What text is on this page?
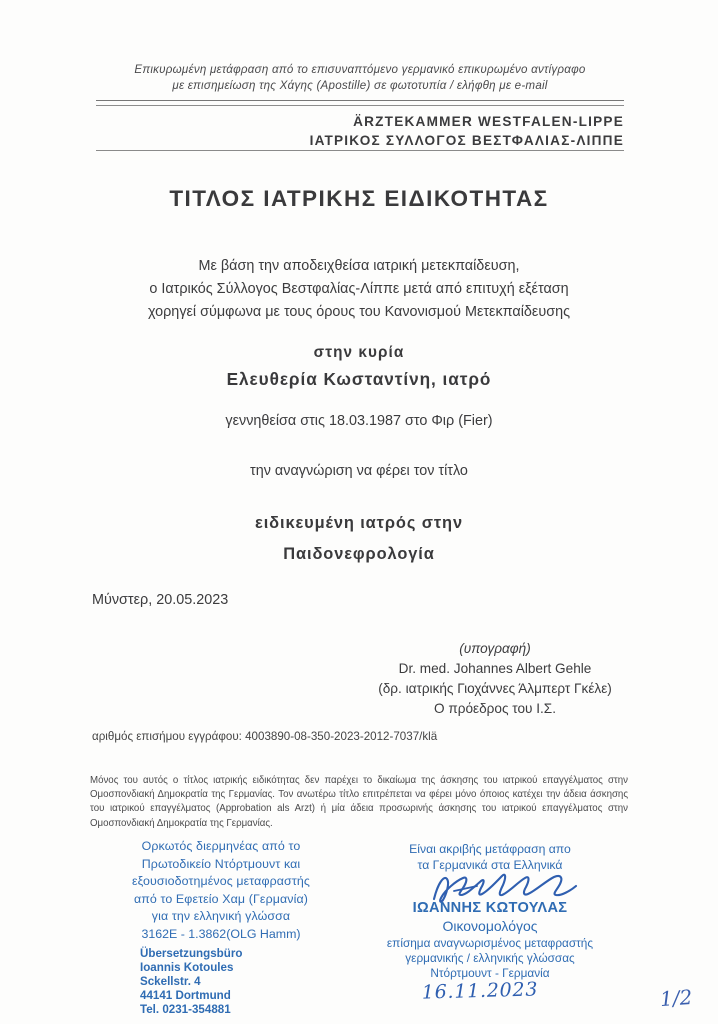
Επικυρωμένη μετάφραση από το επισυναπτόμενο γερμανικό επικυρωμένο αντίγραφο
με επισημείωση της Χάγης (Apostille) σε φωτοτυπία / ελήφθη με e-mail
ÄRZTEKAMMER WESTFALEN-LIPPE
ΙΑΤΡΙΚΟΣ ΣΥΛΛΟΓΟΣ ΒΕΣΤΦΑΛΙΑΣ-ΛΙΠΠΕ
ΤΙΤΛΟΣ ΙΑΤΡΙΚΗΣ ΕΙΔΙΚΟΤΗΤΑΣ
Με βάση την αποδειχθείσα ιατρική μετεκπαίδευση,
ο Ιατρικός Σύλλογος Βεστφαλίας-Λίππε μετά από επιτυχή εξέταση
χορηγεί σύμφωνα με τους όρους του Κανονισμού Μετεκπαίδευσης
στην κυρία
Ελευθερία Κωσταντίνη, ιατρό
γεννηθείσα στις 18.03.1987 στο Φιρ (Fier)
την αναγνώριση να φέρει τον τίτλο
ειδικευμένη ιατρός στην
Παιδονεφρολογία
Μύνστερ, 20.05.2023
(υπογραφή)
Dr. med. Johannes Albert Gehle
(δρ. ιατρικής Γιοχάννες Άλμπερτ Γκέλε)
Ο πρόεδρος του Ι.Σ.
αριθμός επισήμου εγγράφου: 4003890-08-350-2023-2012-7037/klä
Μόνος του αυτός ο τίτλος ιατρικής ειδικότητας δεν παρέχει το δικαίωμα της άσκησης του ιατρικού επαγγέλματος στην Ομοσπονδιακή Δημοκρατία της Γερμανίας. Τον ανωτέρω τίτλο επιτρέπεται να φέρει μόνο όποιος κατέχει την άδεια άσκησης του ιατρικού επαγγέλματος (Approbation als Arzt) ή μία άδεια προσωρινής άσκησης του ιατρικού επαγγέλματος στην Ομοσπονδιακή Δημοκρατία της Γερμανίας.
Ορκωτός διερμηνέας από το
Πρωτοδικείο Ντόρτμουντ και
εξουσιοδοτημένος μεταφραστής
από το Εφετείο Χαμ (Γερμανία)
για την ελληνική γλώσσα
3162Ε - 1.3862(OLG Hamm)
Übersetzungsbüro
Ioannis Kotoules
Sckellstr. 4
44141 Dortmund
Tel. 0231-354881
Είναι ακριβής μετάφραση απο
τα Γερμανικά στα Ελληνικά
ΙΩΑΝΝΗΣ ΚΩΤΟΥΛΑΣ
Οικονομολόγος
επίσημα αναγνωρισμένος μεταφραστής
γερμανικής / ελληνικής γλώσσας
Ντόρτμουντ - Γερμανία
16.11.2023	1/2
